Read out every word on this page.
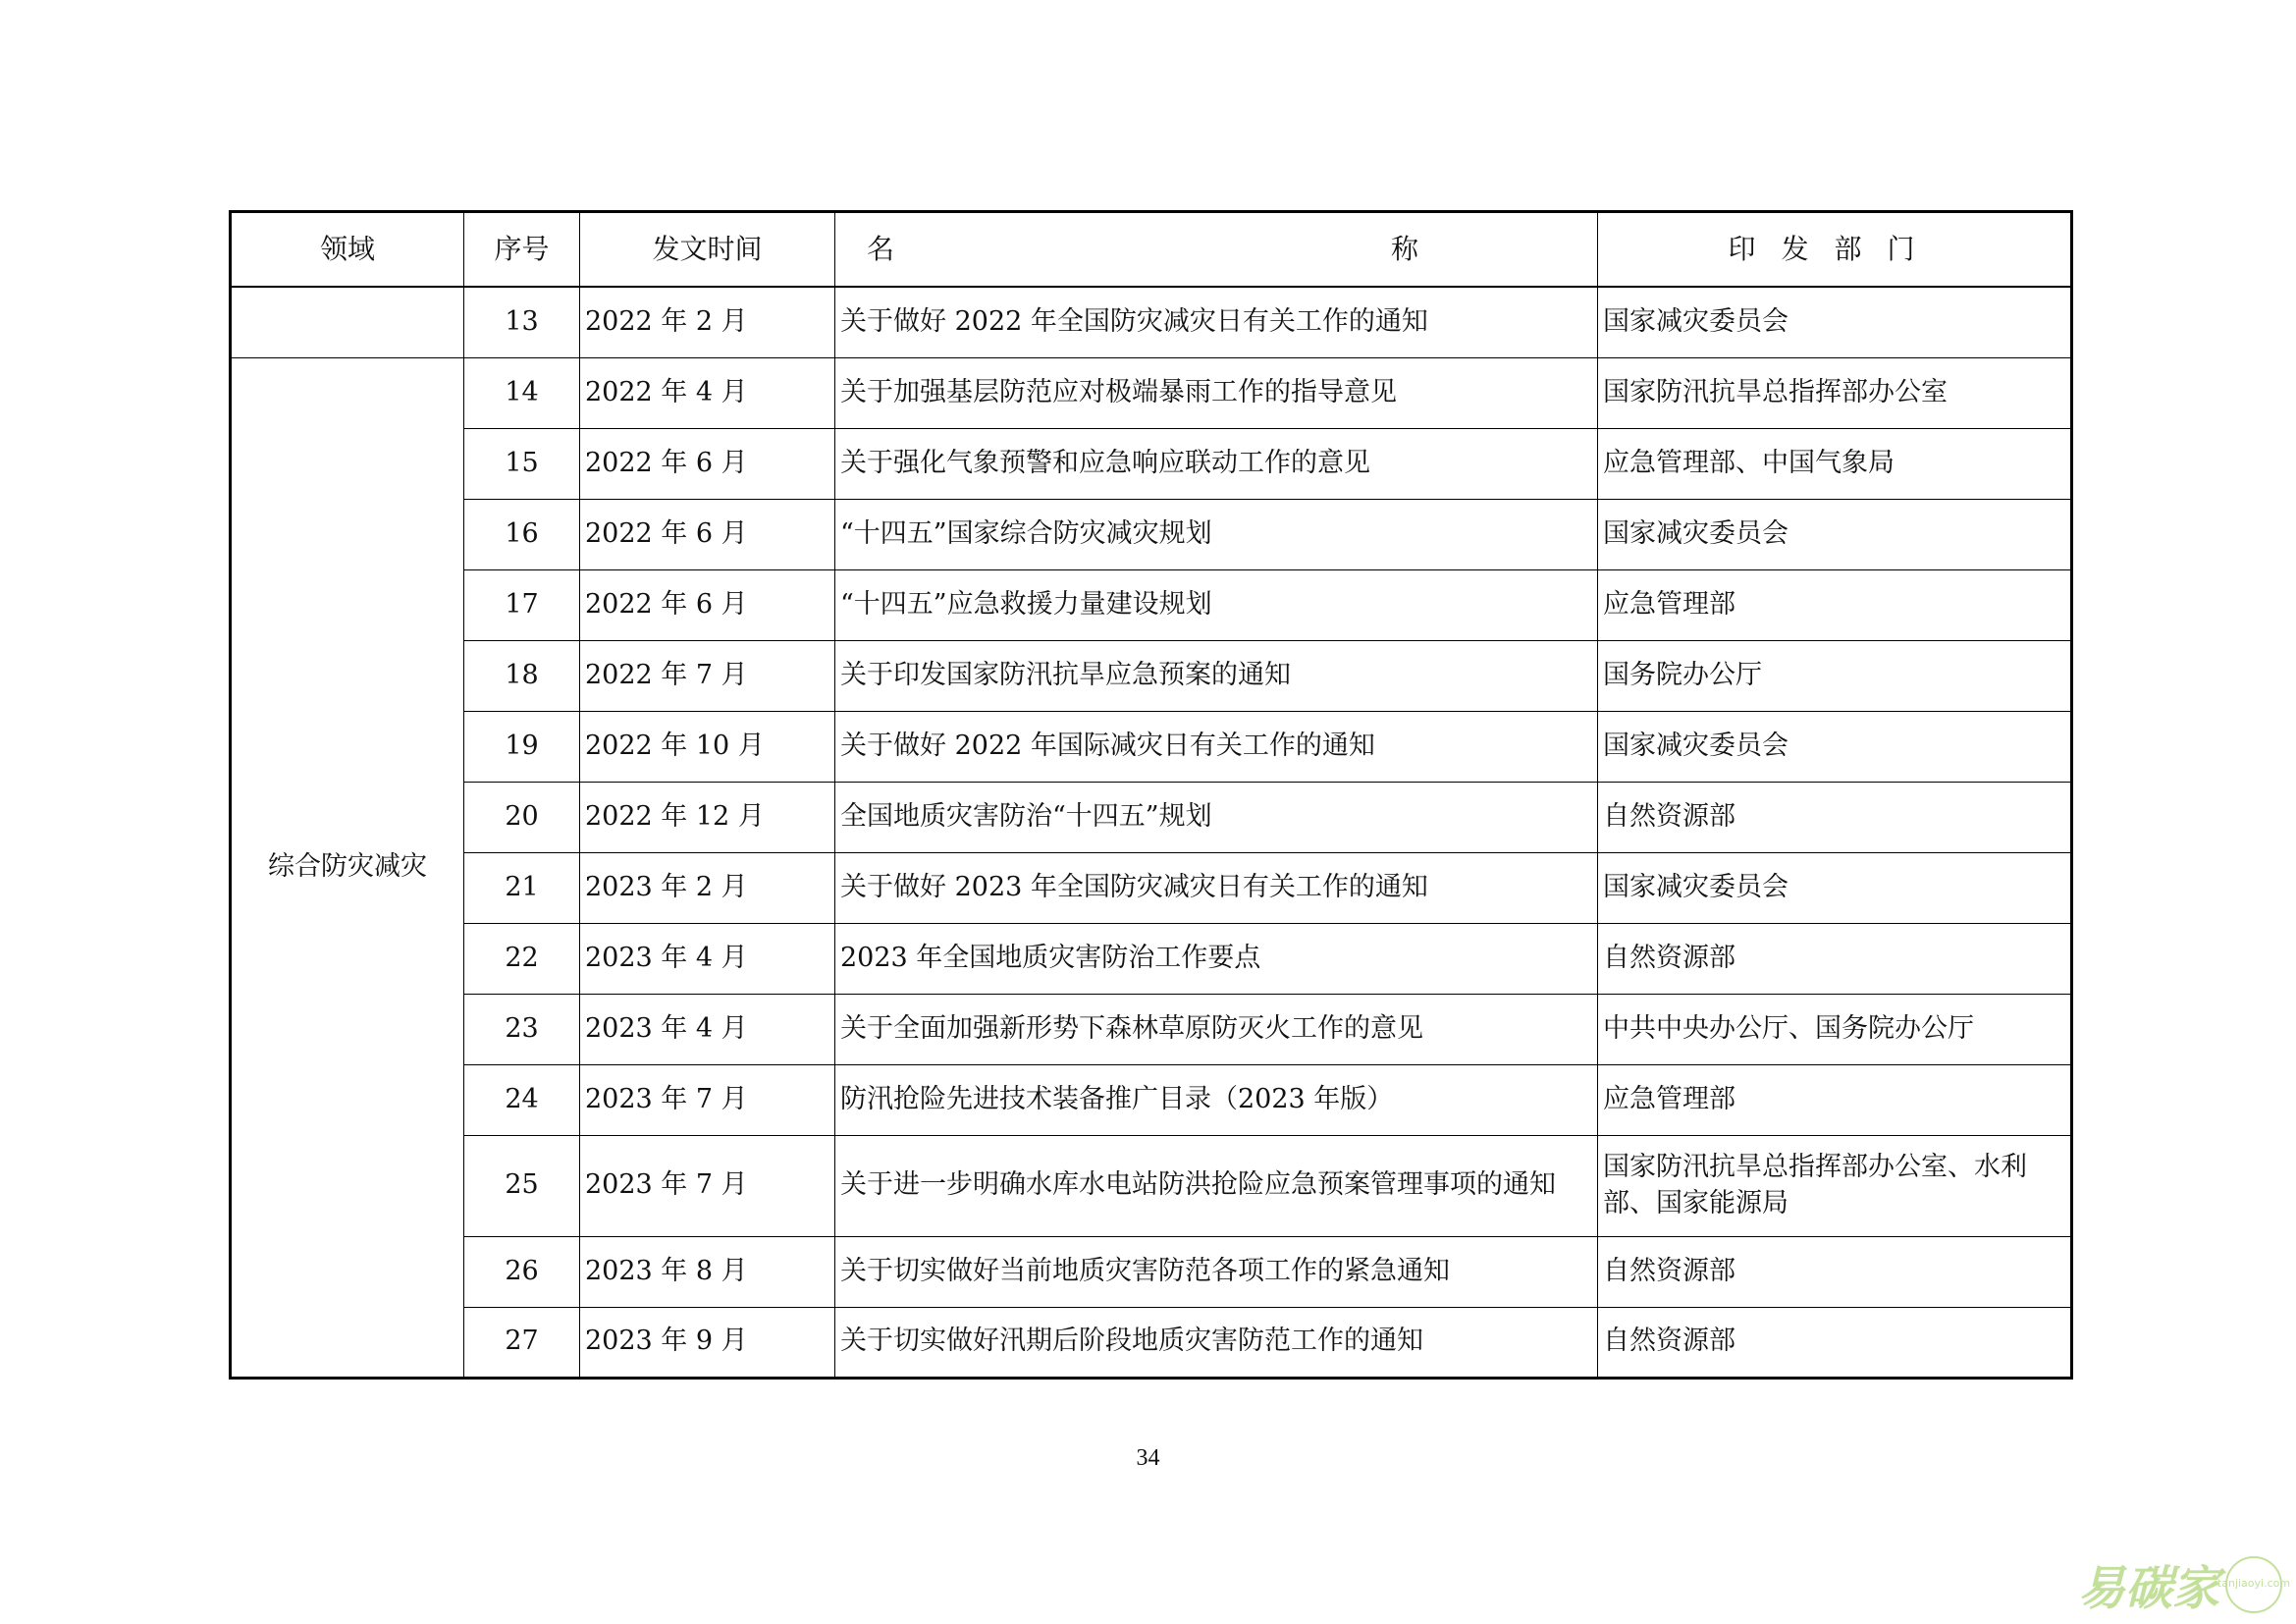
领域	序号	发文时间	名　　称	印发部门
	13	2022 年 2 月	关于做好 2022 年全国防灾减灾日有关工作的通知	国家减灾委员会
综合防灾减灾	14	2022 年 4 月	关于加强基层防范应对极端暴雨工作的指导意见	国家防汛抗旱总指挥部办公室
	15	2022 年 6 月	关于强化气象预警和应急响应联动工作的意见	应急管理部、中国气象局
	16	2022 年 6 月	“十四五”国家综合防灾减灾规划	国家减灾委员会
	17	2022 年 6 月	“十四五”应急救援力量建设规划	应急管理部
	18	2022 年 7 月	关于印发国家防汛抗旱应急预案的通知	国务院办公厅
	19	2022 年 10 月	关于做好 2022 年国际减灾日有关工作的通知	国家减灾委员会
	20	2022 年 12 月	全国地质灾害防治“十四五”规划	自然资源部
	21	2023 年 2 月	关于做好 2023 年全国防灾减灾日有关工作的通知	国家减灾委员会
	22	2023 年 4 月	2023 年全国地质灾害防治工作要点	自然资源部
	23	2023 年 4 月	关于全面加强新形势下森林草原防灭火工作的意见	中共中央办公厅、国务院办公厅
	24	2023 年 7 月	防汛抢险先进技术装备推广目录（2023 年版）	应急管理部
	25	2023 年 7 月	关于进一步明确水库水电站防洪抢险应急预案管理事项的通知	国家防汛抗旱总指挥部办公室、水利部、国家能源局
	26	2023 年 8 月	关于切实做好当前地质灾害防范各项工作的紧急通知	自然资源部
	27	2023 年 9 月	关于切实做好汛期后阶段地质灾害防范工作的通知	自然资源部
34
易碳家
tanjiaoyi.com
